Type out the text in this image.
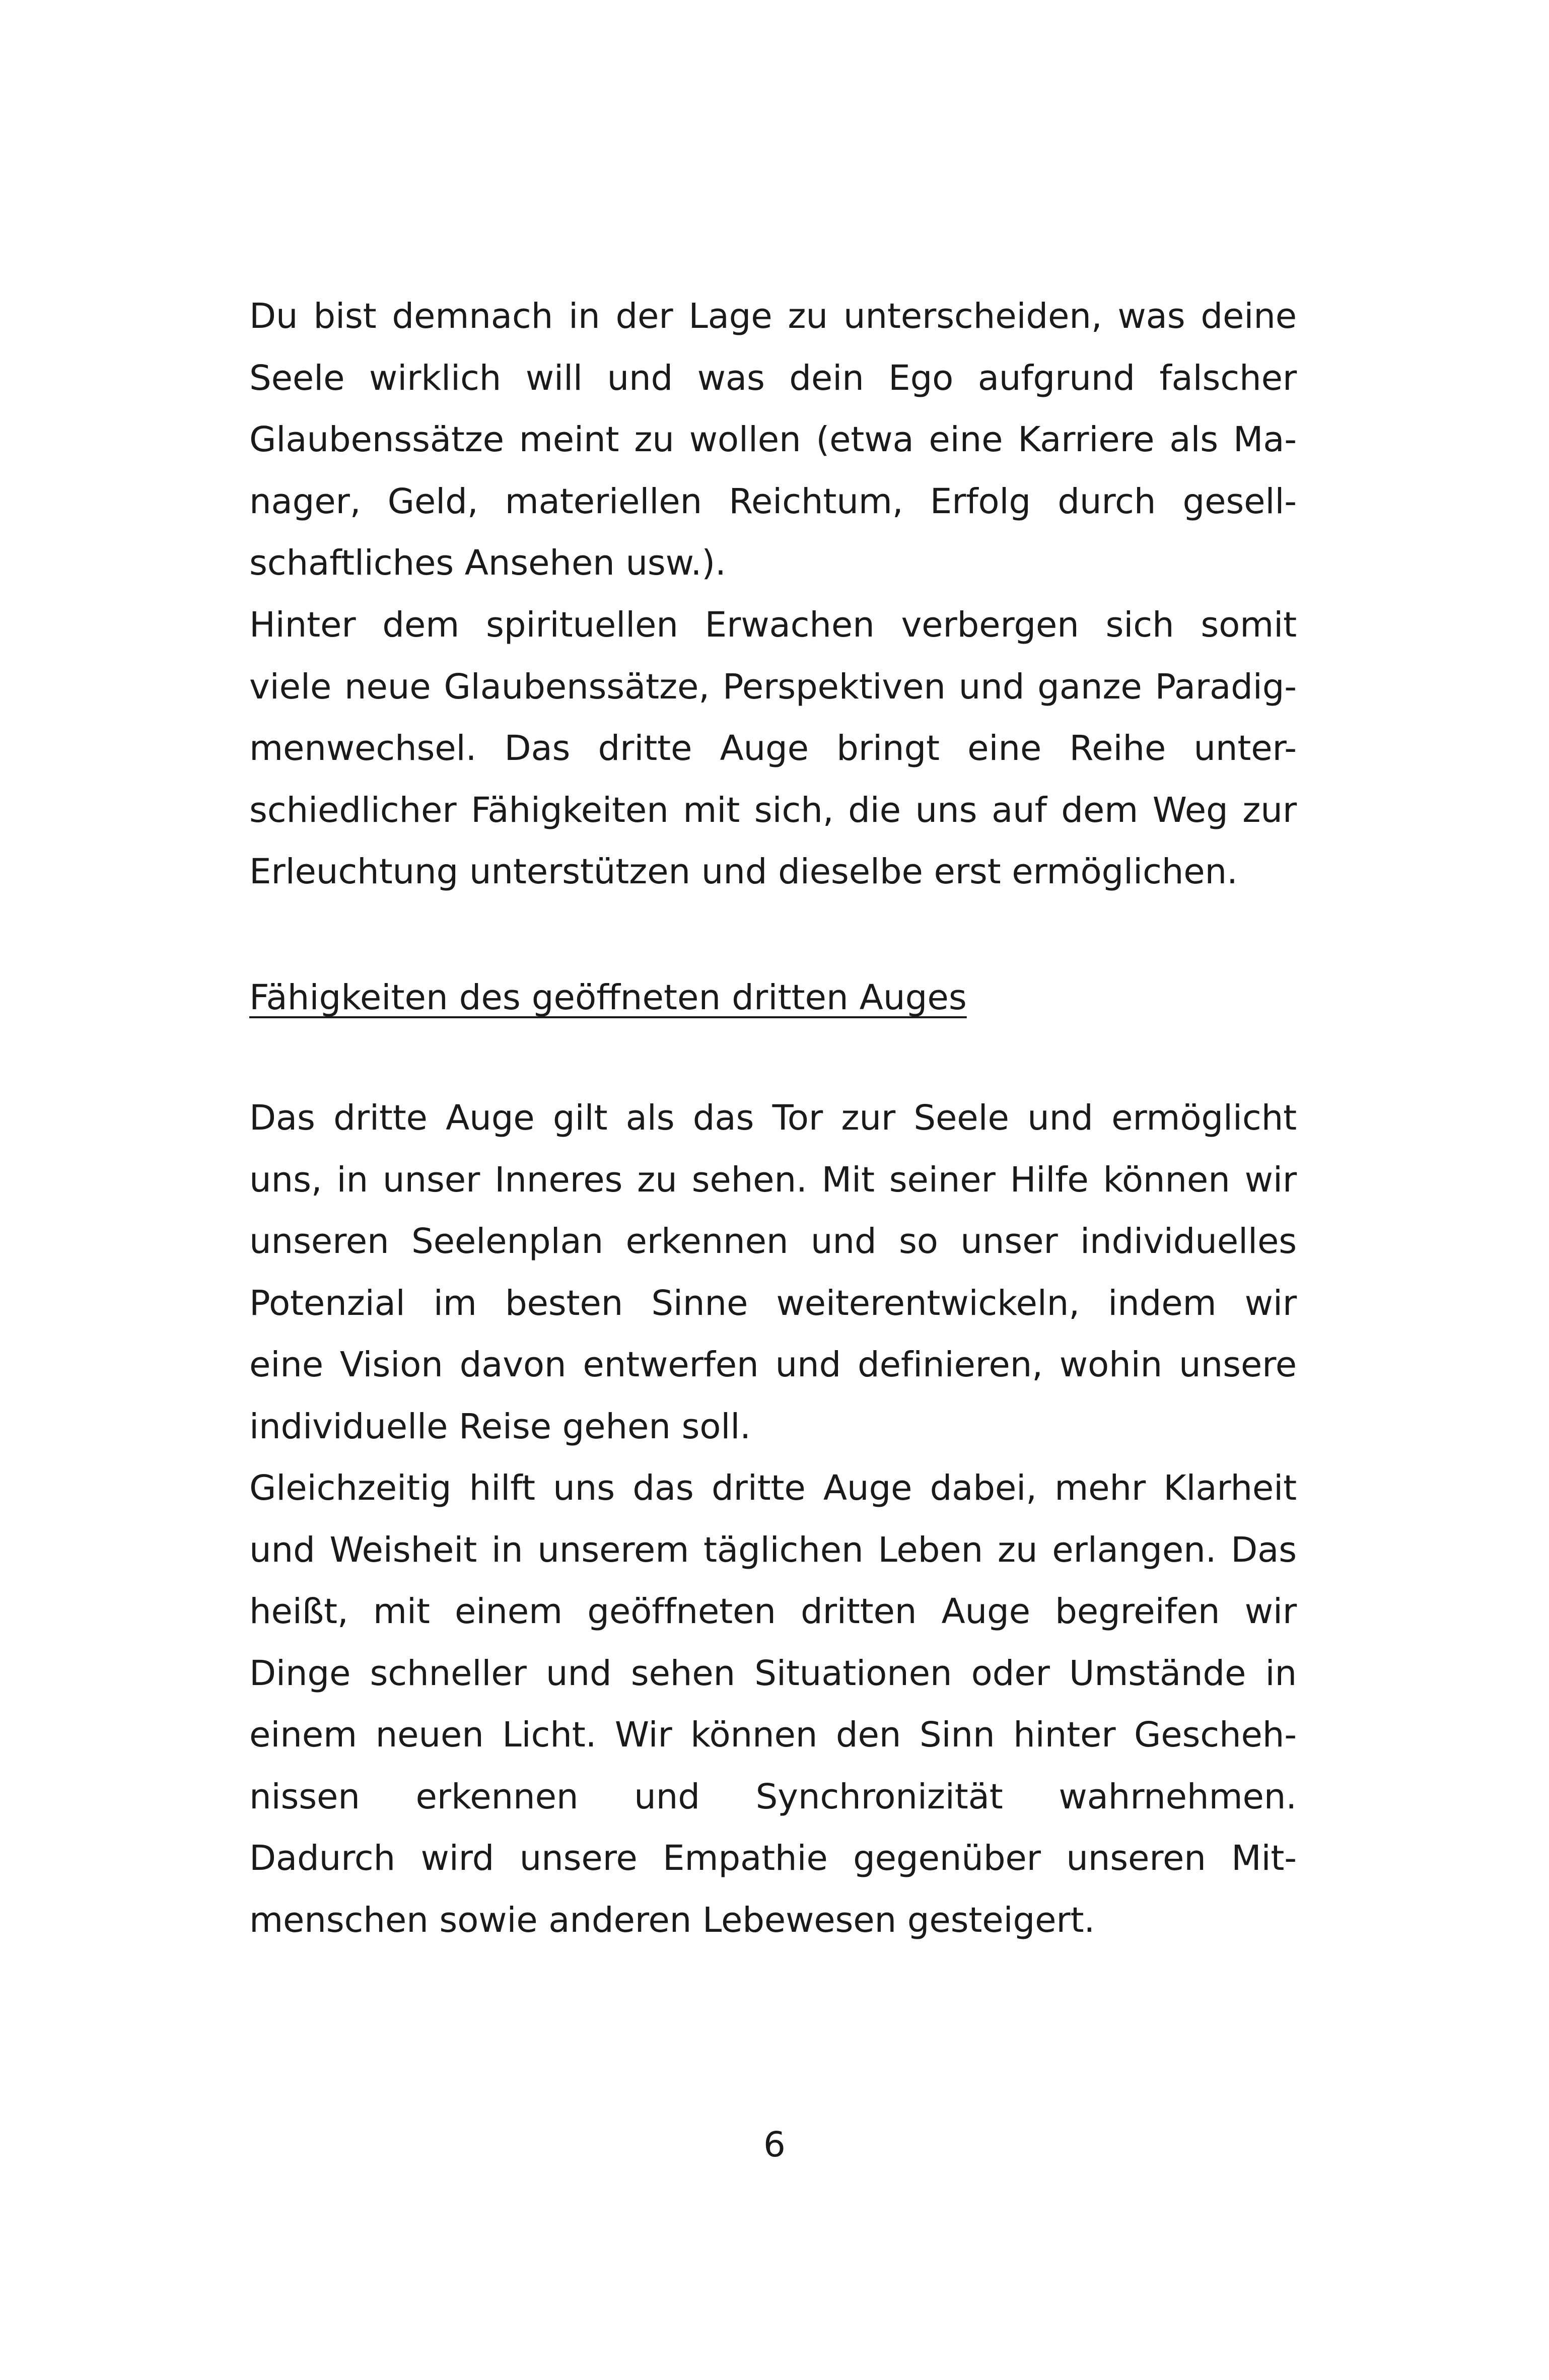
Du bist demnach in der Lage zu unterscheiden, was deine
Seele wirklich will und was dein Ego aufgrund falscher
Glaubenssätze meint zu wollen (etwa eine Karriere als Ma-
nager, Geld, materiellen Reichtum, Erfolg durch gesell-
schaftliches Ansehen usw.).
Hinter dem spirituellen Erwachen verbergen sich somit
viele neue Glaubenssätze, Perspektiven und ganze Paradig-
menwechsel. Das dritte Auge bringt eine Reihe unter-
schiedlicher Fähigkeiten mit sich, die uns auf dem Weg zur
Erleuchtung unterstützen und dieselbe erst ermöglichen.
Fähigkeiten des geöffneten dritten Auges
Das dritte Auge gilt als das Tor zur Seele und ermöglicht
uns, in unser Inneres zu sehen. Mit seiner Hilfe können wir
unseren Seelenplan erkennen und so unser individuelles
Potenzial im besten Sinne weiterentwickeln, indem wir
eine Vision davon entwerfen und definieren, wohin unsere
individuelle Reise gehen soll.
Gleichzeitig hilft uns das dritte Auge dabei, mehr Klarheit
und Weisheit in unserem täglichen Leben zu erlangen. Das
heißt, mit einem geöffneten dritten Auge begreifen wir
Dinge schneller und sehen Situationen oder Umstände in
einem neuen Licht. Wir können den Sinn hinter Gescheh-
nissen erkennen und Synchronizität wahrnehmen.
Dadurch wird unsere Empathie gegenüber unseren Mit-
menschen sowie anderen Lebewesen gesteigert.
6
